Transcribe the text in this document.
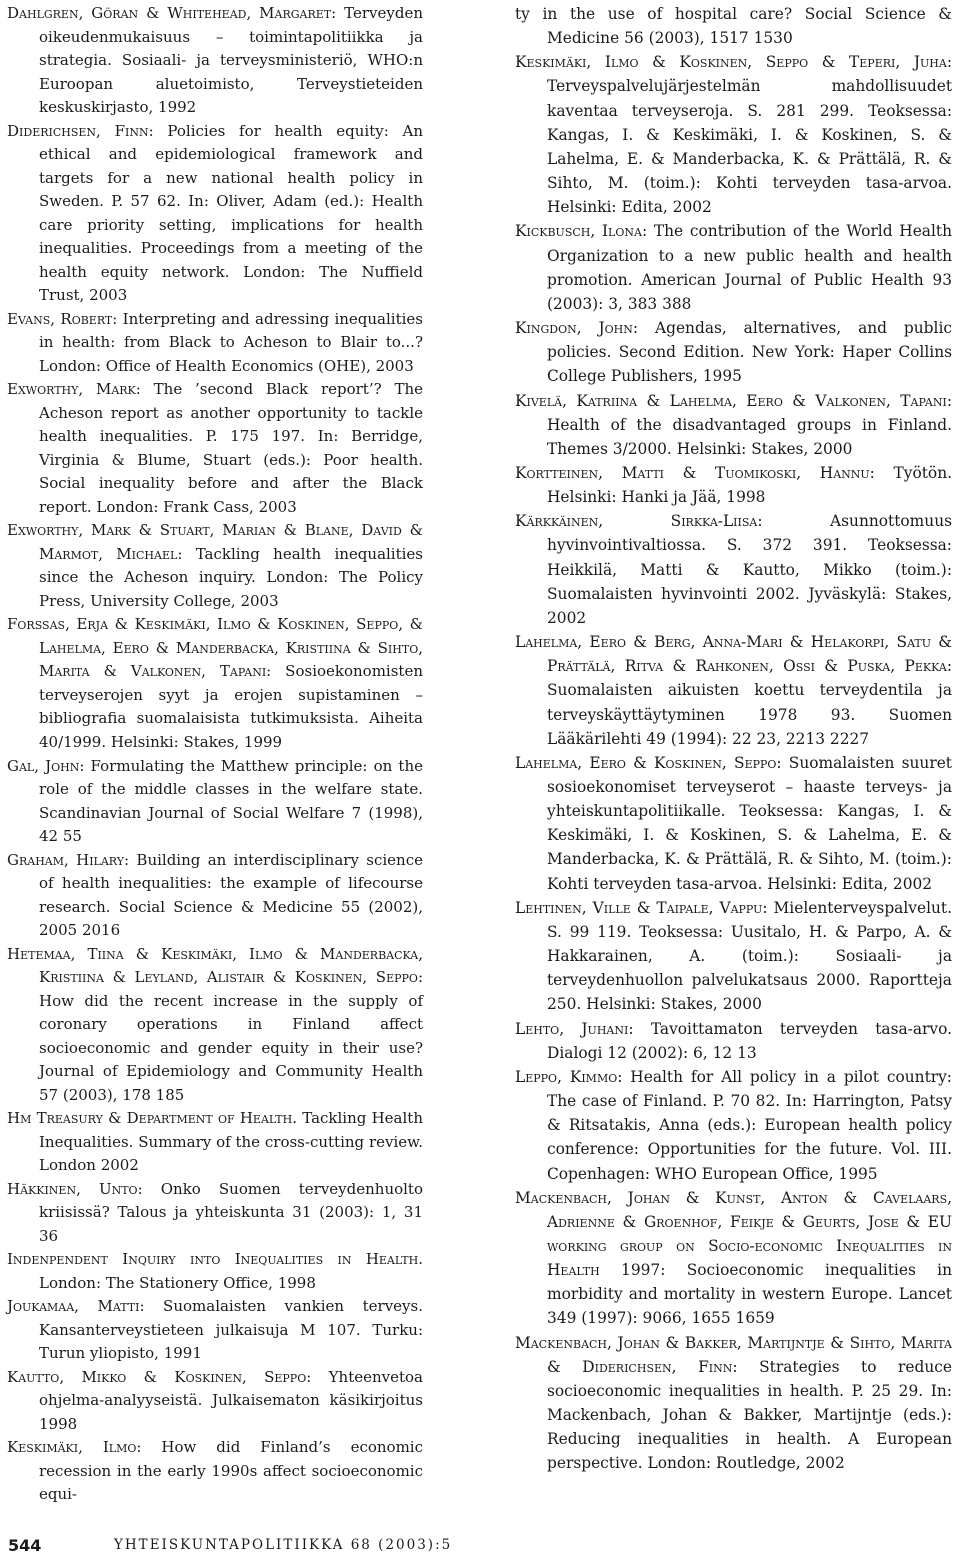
Dahlgren, Göran & Whitehead, Margaret: Terveyden oikeudenmukaisuus – toimintapolitiikka ja strategia. Sosiaali- ja terveysministeriö, WHO:n Euroopan aluetoimisto, Terveystieteiden keskuskirjasto, 1992

Diderichsen, Finn: Policies for health equity: An ethical and epidemiological framework and targets for a new national health policy in Sweden. P. 57 62. In: Oliver, Adam (ed.): Health care priority setting, implications for health inequalities. Proceedings from a meeting of the health equity network. London: The Nuffield Trust, 2003

Evans, Robert: Interpreting and adressing inequalities in health: from Black to Acheson to Blair to...? London: Office of Health Economics (OHE), 2003

Exworthy, Mark: The ’second Black report’? The Acheson report as another opportunity to tackle health inequalities. P. 175 197. In: Berridge, Virginia & Blume, Stuart (eds.): Poor health. Social inequality before and after the Black report. London: Frank Cass, 2003

Exworthy, Mark & Stuart, Marian & Blane, David & Marmot, Michael: Tackling health inequalities since the Acheson inquiry. London: The Policy Press, University College, 2003

Forssas, Erja & Keskimäki, Ilmo & Koskinen, Seppo, & Lahelma, Eero & Manderbacka, Kristiina & Sihto, Marita & Valkonen, Tapani: Sosioekonomisten terveyserojen syyt ja erojen supistaminen – bibliografia suomalaisista tutkimuksista. Aiheita 40/1999. Helsinki: Stakes, 1999

Gal, John: Formulating the Matthew principle: on the role of the middle classes in the welfare state. Scandinavian Journal of Social Welfare 7 (1998), 42 55

Graham, Hilary: Building an interdisciplinary science of health inequalities: the example of lifecourse research. Social Science & Medicine 55 (2002), 2005 2016

Hetemaa, Tiina & Keskimäki, Ilmo & Manderbacka, Kristiina & Leyland, Alistair & Koskinen, Seppo: How did the recent increase in the supply of coronary operations in Finland affect socioeconomic and gender equity in their use? Journal of Epidemiology and Community Health 57 (2003), 178 185

Hm Treasury & Department of Health. Tackling Health Inequalities. Summary of the cross-cutting review. London 2002

Häkkinen, Unto: Onko Suomen terveydenhuolto kriisissä? Talous ja yhteiskunta 31 (2003): 1, 31 36

Indenpendent Inquiry into Inequalities in Health. London: The Stationery Office, 1998

Joukamaa, Matti: Suomalaisten vankien terveys. Kansanterveystieteen julkaisuja M 107. Turku: Turun yliopisto, 1991

Kautto, Mikko & Koskinen, Seppo: Yhteenvetoa ohjelma-analyyseistä. Julkaisematon käsikirjoitus 1998

Keskimäki, Ilmo: How did Finland’s economic recession in the early 1990s affect socioeconomic equi-

ty in the use of hospital care? Social Science & Medicine 56 (2003), 1517 1530

Keskimäki, Ilmo & Koskinen, Seppo & Teperi, Juha: Terveyspalvelujärjestelmän mahdollisuudet kaventaa terveyseroja. S. 281 299. Teoksessa: Kangas, I. & Keskimäki, I. & Koskinen, S. & Lahelma, E. & Manderbacka, K. & Prättälä, R. & Sihto, M. (toim.): Kohti terveyden tasa-arvoa. Helsinki: Edita, 2002

Kickbusch, Ilona: The contribution of the World Health Organization to a new public health and health promotion. American Journal of Public Health 93 (2003): 3, 383 388

Kingdon, John: Agendas, alternatives, and public policies. Second Edition. New York: Haper Collins College Publishers, 1995

Kivelä, Katriina & Lahelma, Eero & Valkonen, Tapani: Health of the disadvantaged groups in Finland. Themes 3/2000. Helsinki: Stakes, 2000

Kortteinen, Matti & Tuomikoski, Hannu: Työtön. Helsinki: Hanki ja Jää, 1998

Kärkkäinen, Sirkka-Liisa: Asunnottomuus hyvinvointivaltiossa. S. 372 391. Teoksessa: Heikkilä, Matti & Kautto, Mikko (toim.): Suomalaisten hyvinvointi 2002. Jyväskylä: Stakes, 2002

Lahelma, Eero & Berg, Anna-Mari & Helakorpi, Satu & Prättälä, Ritva & Rahkonen, Ossi & Puska, Pekka: Suomalaisten aikuisten koettu terveydentila ja terveyskäyttäytyminen 1978 93. Suomen Lääkärilehti 49 (1994): 22 23, 2213 2227

Lahelma, Eero & Koskinen, Seppo: Suomalaisten suuret sosioekonomiset terveyserot – haaste terveys- ja yhteiskuntapolitiikalle. Teoksessa: Kangas, I. & Keskimäki, I. & Koskinen, S. & Lahelma, E. & Manderbacka, K. & Prättälä, R. & Sihto, M. (toim.): Kohti terveyden tasa-arvoa. Helsinki: Edita, 2002

Lehtinen, Ville & Taipale, Vappu: Mielenterveyspalvelut. S. 99 119. Teoksessa: Uusitalo, H. & Parpo, A. & Hakkarainen, A. (toim.): Sosiaali- ja terveydenhuollon palvelukatsaus 2000. Raportteja 250. Helsinki: Stakes, 2000

Lehto, Juhani: Tavoittamaton terveyden tasa-arvo. Dialogi 12 (2002): 6, 12 13

Leppo, Kimmo: Health for All policy in a pilot country: The case of Finland. P. 70 82. In: Harrington, Patsy & Ritsatakis, Anna (eds.): European health policy conference: Opportunities for the future. Vol. III. Copenhagen: WHO European Office, 1995

Mackenbach, Johan & Kunst, Anton & Cavelaars, Adrienne & Groenhof, Feikje & Geurts, Jose & EU working group on Socio-economic Inequalities in Health 1997: Socioeconomic inequalities in morbidity and mortality in western Europe. Lancet 349 (1997): 9066, 1655 1659

Mackenbach, Johan & Bakker, Martijntje & Sihto, Marita & Diderichsen, Finn: Strategies to reduce socioeconomic inequalities in health. P. 25 29. In: Mackenbach, Johan & Bakker, Martijntje (eds.): Reducing inequalities in health. A European perspective. London: Routledge, 2002

544	YHTEISKUNTAPOLITIIKKA 68 (2003):5
